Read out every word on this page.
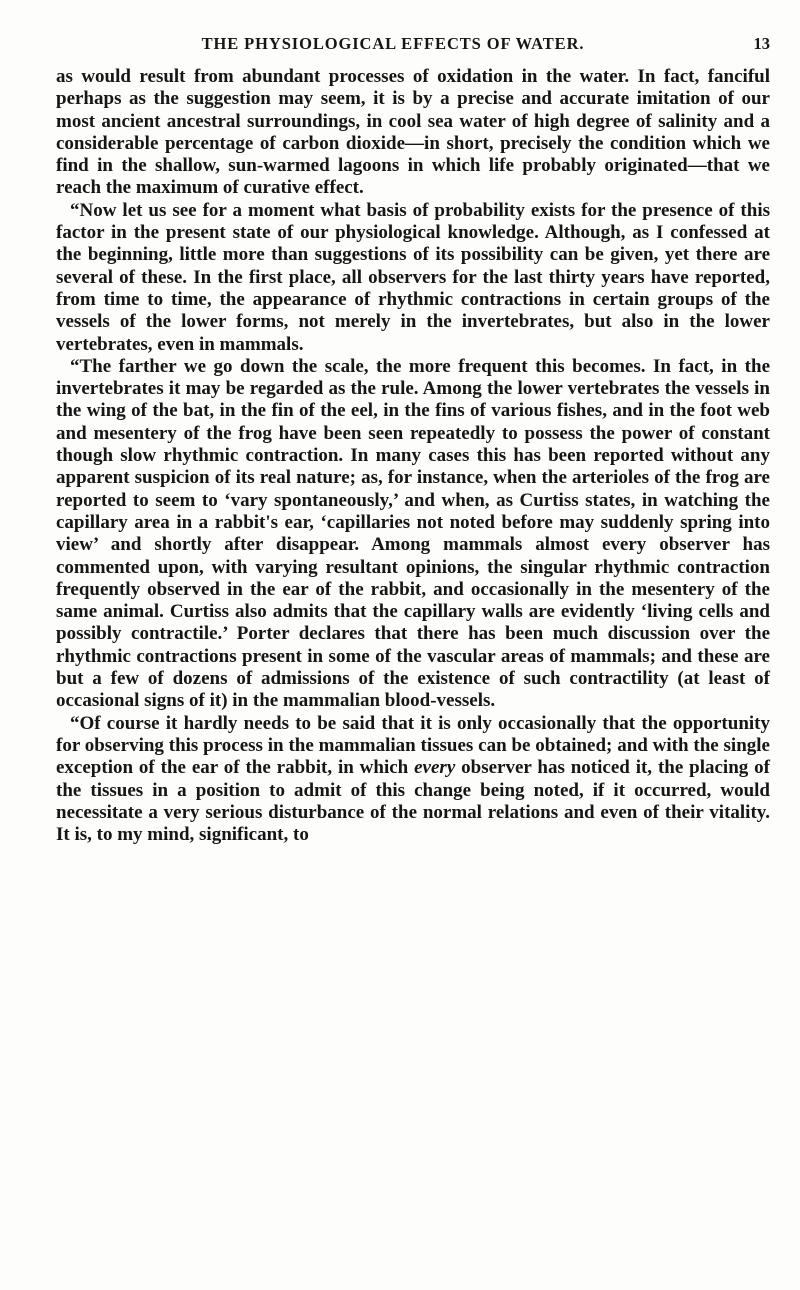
THE PHYSIOLOGICAL EFFECTS OF WATER.	13

as would result from abundant processes of oxidation in the water. In fact, fanciful perhaps as the suggestion may seem, it is by a precise and accurate imitation of our most ancient ancestral surroundings, in cool sea water of high degree of salinity and a considerable percentage of carbon dioxide—in short, precisely the condition which we find in the shallow, sun-warmed lagoons in which life probably originated—that we reach the maximum of curative effect.

“Now let us see for a moment what basis of probability exists for the presence of this factor in the present state of our physiological knowledge. Although, as I confessed at the beginning, little more than suggestions of its possibility can be given, yet there are several of these. In the first place, all observers for the last thirty years have reported, from time to time, the appearance of rhythmic contractions in certain groups of the vessels of the lower forms, not merely in the invertebrates, but also in the lower vertebrates, even in mammals.

“The farther we go down the scale, the more frequent this becomes. In fact, in the invertebrates it may be regarded as the rule. Among the lower vertebrates the vessels in the wing of the bat, in the fin of the eel, in the fins of various fishes, and in the foot web and mesentery of the frog have been seen repeatedly to possess the power of constant though slow rhythmic contraction. In many cases this has been reported without any apparent suspicion of its real nature; as, for instance, when the arterioles of the frog are reported to seem to ‘vary spontaneously,’ and when, as Curtiss states, in watching the capillary area in a rabbit's ear, ‘capillaries not noted before may suddenly spring into view’ and shortly after disappear. Among mammals almost every observer has commented upon, with varying resultant opinions, the singular rhythmic contraction frequently observed in the ear of the rabbit, and occasionally in the mesentery of the same animal. Curtiss also admits that the capillary walls are evidently ‘living cells and possibly contractile.’ Porter declares that there has been much discussion over the rhythmic contractions present in some of the vascular areas of mammals; and these are but a few of dozens of admissions of the existence of such contractility (at least of occasional signs of it) in the mammalian blood-vessels.

“Of course it hardly needs to be said that it is only occasionally that the opportunity for observing this process in the mammalian tissues can be obtained; and with the single exception of the ear of the rabbit, in which every observer has noticed it, the placing of the tissues in a position to admit of this change being noted, if it occurred, would necessitate a very serious disturbance of the normal relations and even of their vitality. It is, to my mind, significant, to
